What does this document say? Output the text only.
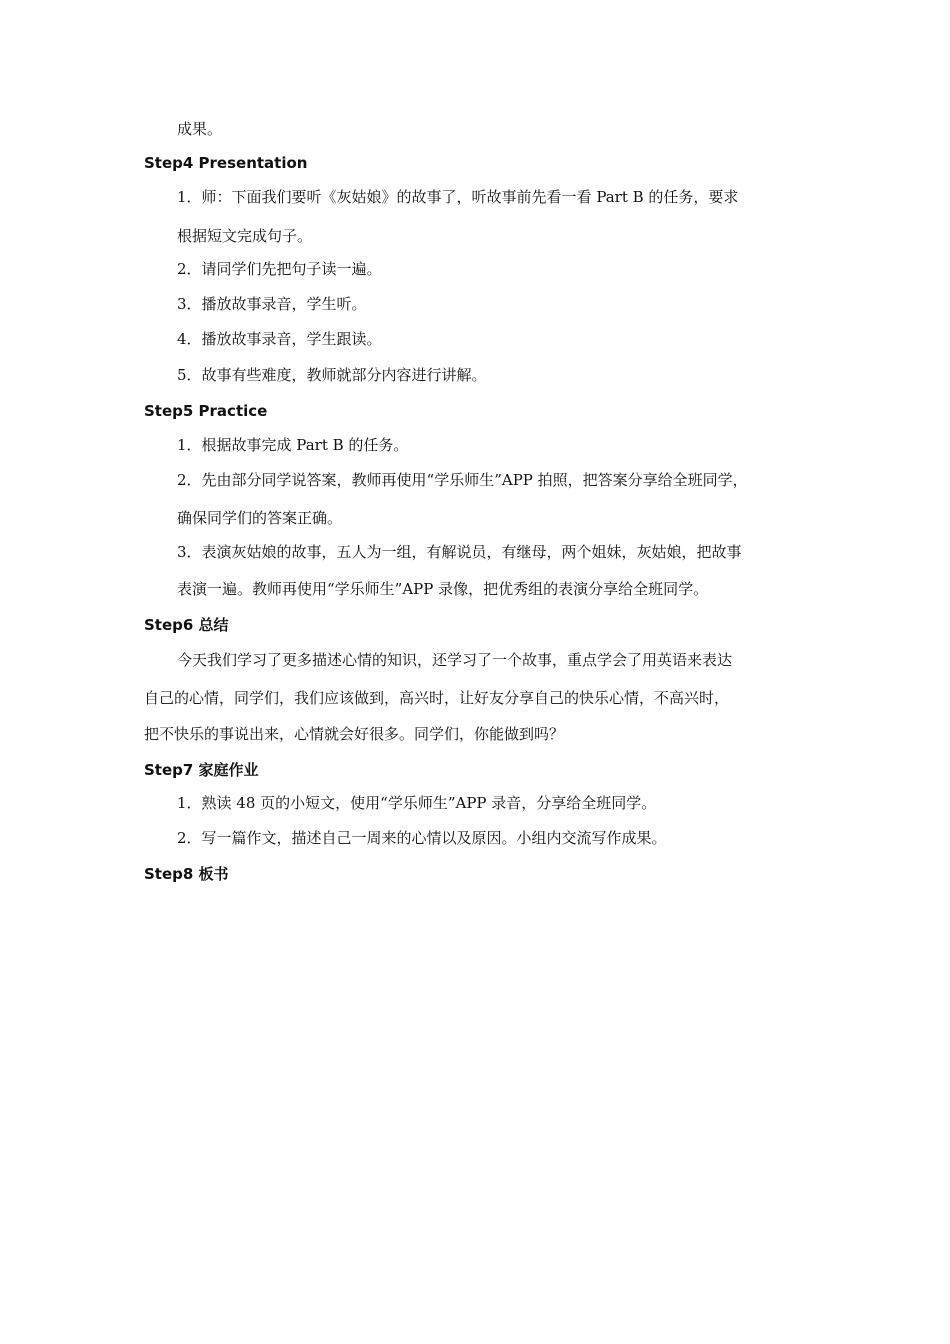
成果。
Step4 Presentation
1．师：下面我们要听《灰姑娘》的故事了，听故事前先看一看 Part B 的任务，要求
根据短文完成句子。
2．请同学们先把句子读一遍。
3．播放故事录音，学生听。
4．播放故事录音，学生跟读。
5．故事有些难度，教师就部分内容进行讲解。
Step5 Practice
1．根据故事完成 Part B 的任务。
2．先由部分同学说答案，教师再使用“学乐师生”APP 拍照，把答案分享给全班同学，
确保同学们的答案正确。
3．表演灰姑娘的故事，五人为一组，有解说员，有继母，两个姐妹，灰姑娘，把故事
表演一遍。教师再使用“学乐师生”APP 录像，把优秀组的表演分享给全班同学。
Step6 总结
今天我们学习了更多描述心情的知识，还学习了一个故事，重点学会了用英语来表达
自己的心情，同学们，我们应该做到，高兴时，让好友分享自己的快乐心情，不高兴时，
把不快乐的事说出来，心情就会好很多。同学们，你能做到吗？
Step7 家庭作业
1．熟读 48 页的小短文，使用“学乐师生”APP 录音，分享给全班同学。
2．写一篇作文，描述自己一周来的心情以及原因。小组内交流写作成果。
Step8 板书
